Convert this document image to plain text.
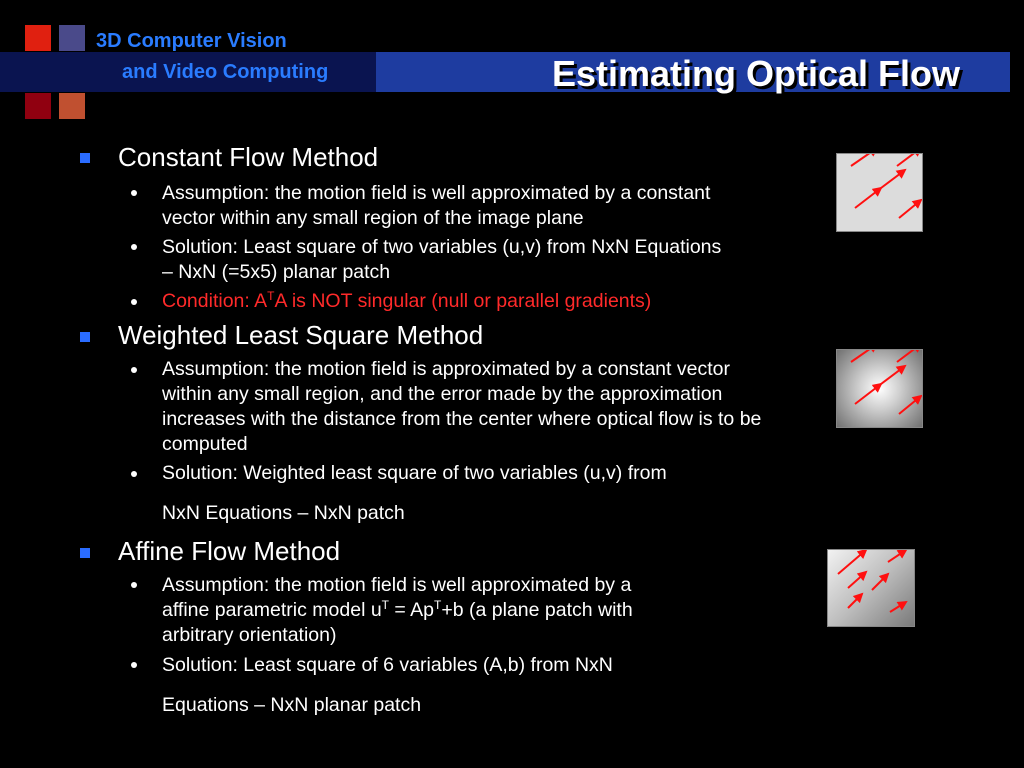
3D Computer Vision
and Video Computing	Estimating Optical Flow
Constant Flow Method
Assumption: the motion field is well approximated by a constant vector within any small region of the image plane
Solution: Least square of two variables (u,v) from NxN Equations – NxN (=5x5) planar patch
Condition: $A^TA$ is NOT singular (null or parallel gradients)
Weighted Least Square Method
Assumption: the motion field is approximated by a constant vector within any small region, and the error made by the approximation increases with the distance from the center where optical flow is to be computed
Solution: Weighted least square of two variables (u,v) from
NxN Equations – NxN patch
Affine Flow Method
Assumption: the motion field is well approximated by a
affine parametric model $u^T = Ap^T+b$ (a plane patch with
arbitrary orientation)
Solution: Least square of 6 variables (A,b) from NxN
Equations – NxN planar patch
